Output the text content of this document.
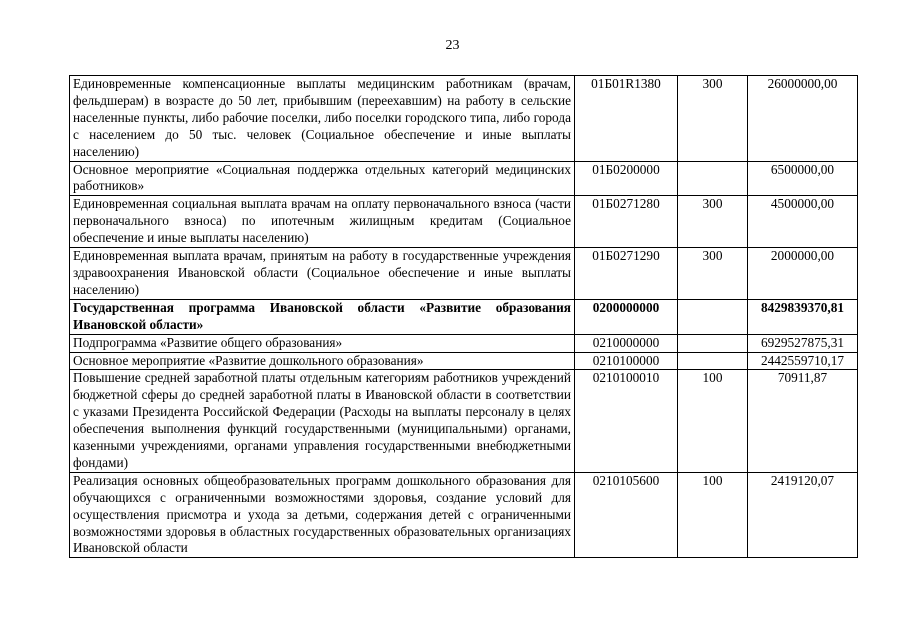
23
Единовременные компенсационные выплаты медицинским работникам (врачам, фельдшерам) в возрасте до 50 лет, прибывшим (переехавшим) на работу в сельские населенные пункты, либо рабочие поселки, либо поселки городского типа, либо города с населением до 50 тыс. человек (Социальное обеспечение и иные выплаты населению)	01Б01R1380	300	26000000,00
Основное мероприятие «Социальная поддержка отдельных категорий медицинских работников»	01Б0200000		6500000,00
Единовременная социальная выплата врачам на оплату первоначального взноса (части первоначального взноса) по ипотечным жилищным кредитам (Социальное обеспечение и иные выплаты населению)	01Б0271280	300	4500000,00
Единовременная выплата врачам, принятым на работу в государственные учреждения здравоохранения Ивановской области (Социальное обеспечение и иные выплаты населению)	01Б0271290	300	2000000,00
Государственная программа Ивановской области «Развитие образования Ивановской области»	0200000000		8429839370,81
Подпрограмма «Развитие общего образования»	0210000000		6929527875,31
Основное мероприятие «Развитие дошкольного образования»	0210100000		2442559710,17
Повышение средней заработной платы отдельным категориям работников учреждений бюджетной сферы до средней заработной платы в Ивановской области в соответствии с указами Президента Российской Федерации (Расходы на выплаты персоналу в целях обеспечения выполнения функций государственными (муниципальными) органами, казенными учреждениями, органами управления государственными внебюджетными фондами)	0210100010	100	70911,87
Реализация основных общеобразовательных программ дошкольного образования для обучающихся с ограниченными возможностями здоровья, создание условий для осуществления присмотра и ухода за детьми, содержания детей с ограниченными возможностями здоровья в областных государственных образовательных организациях Ивановской области	0210105600	100	2419120,07
